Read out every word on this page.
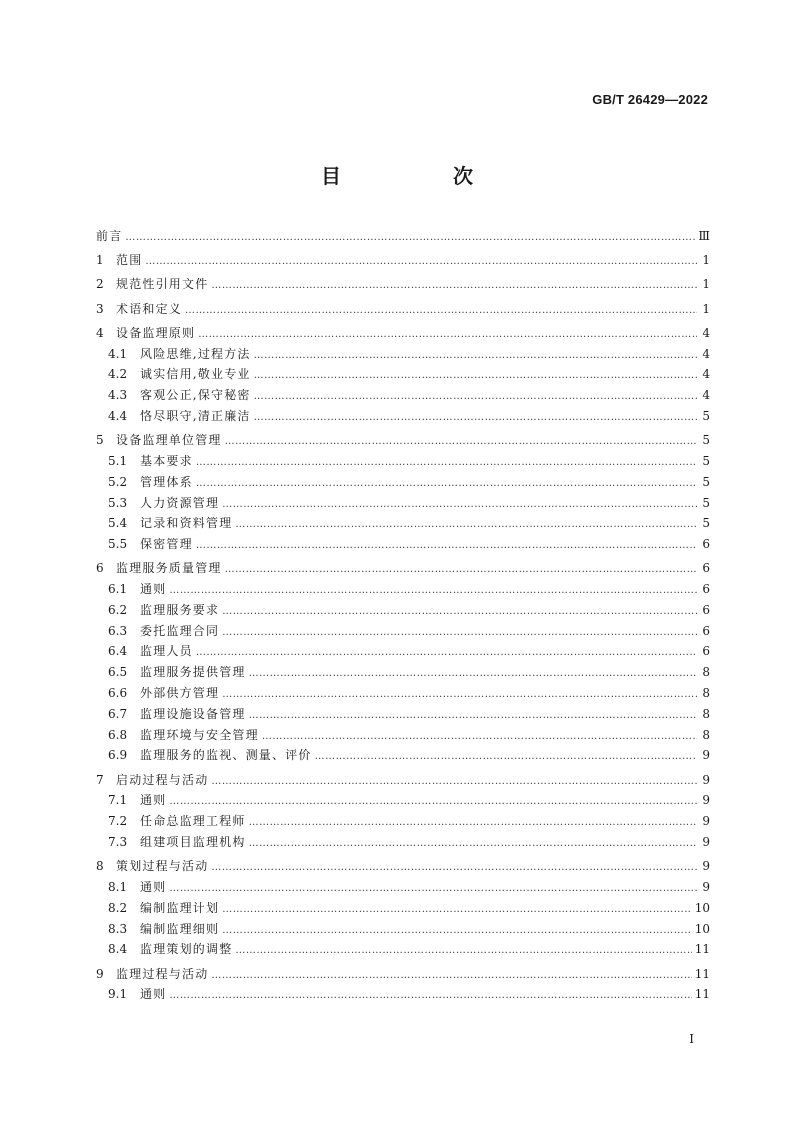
GB/T 26429—2022
目　次
前言 ………………………………………………………………………………………………………………………………………………………………………………………	Ⅲ
1	范围 ………………………………………………………………………………………………………………………………………………………………………………………	1
2	规范性引用文件 ………………………………………………………………………………………………………………………………………………………………………………………	1
3	术语和定义 ………………………………………………………………………………………………………………………………………………………………………………………	1
4	设备监理原则 ………………………………………………………………………………………………………………………………………………………………………………………	4
4.1	风险思维,过程方法 ………………………………………………………………………………………………………………………………………………………………………………………	4
4.2	诚实信用,敬业专业 ………………………………………………………………………………………………………………………………………………………………………………………	4
4.3	客观公正,保守秘密 ………………………………………………………………………………………………………………………………………………………………………………………	4
4.4	恪尽职守,清正廉洁 ………………………………………………………………………………………………………………………………………………………………………………………	5
5	设备监理单位管理 ………………………………………………………………………………………………………………………………………………………………………………………	5
5.1	基本要求 ………………………………………………………………………………………………………………………………………………………………………………………	5
5.2	管理体系 ………………………………………………………………………………………………………………………………………………………………………………………	5
5.3	人力资源管理 ………………………………………………………………………………………………………………………………………………………………………………………	5
5.4	记录和资料管理 ………………………………………………………………………………………………………………………………………………………………………………………	5
5.5	保密管理 ………………………………………………………………………………………………………………………………………………………………………………………	6
6	监理服务质量管理 ………………………………………………………………………………………………………………………………………………………………………………………	6
6.1	通则 ………………………………………………………………………………………………………………………………………………………………………………………	6
6.2	监理服务要求 ………………………………………………………………………………………………………………………………………………………………………………………	6
6.3	委托监理合同 ………………………………………………………………………………………………………………………………………………………………………………………	6
6.4	监理人员 ………………………………………………………………………………………………………………………………………………………………………………………	6
6.5	监理服务提供管理 ………………………………………………………………………………………………………………………………………………………………………………………	8
6.6	外部供方管理 ………………………………………………………………………………………………………………………………………………………………………………………	8
6.7	监理设施设备管理 ………………………………………………………………………………………………………………………………………………………………………………………	8
6.8	监理环境与安全管理 ………………………………………………………………………………………………………………………………………………………………………………………	8
6.9	监理服务的监视、测量、评价 ………………………………………………………………………………………………………………………………………………………………………………………	9
7	启动过程与活动 ………………………………………………………………………………………………………………………………………………………………………………………	9
7.1	通则 ………………………………………………………………………………………………………………………………………………………………………………………	9
7.2	任命总监理工程师 ………………………………………………………………………………………………………………………………………………………………………………………	9
7.3	组建项目监理机构 ………………………………………………………………………………………………………………………………………………………………………………………	9
8	策划过程与活动 ………………………………………………………………………………………………………………………………………………………………………………………	9
8.1	通则 ………………………………………………………………………………………………………………………………………………………………………………………	9
8.2	编制监理计划 ………………………………………………………………………………………………………………………………………………………………………………………	10
8.3	编制监理细则 ………………………………………………………………………………………………………………………………………………………………………………………	10
8.4	监理策划的调整 ………………………………………………………………………………………………………………………………………………………………………………………	11
9	监理过程与活动 ………………………………………………………………………………………………………………………………………………………………………………………	11
9.1	通则 ………………………………………………………………………………………………………………………………………………………………………………………	11
I
